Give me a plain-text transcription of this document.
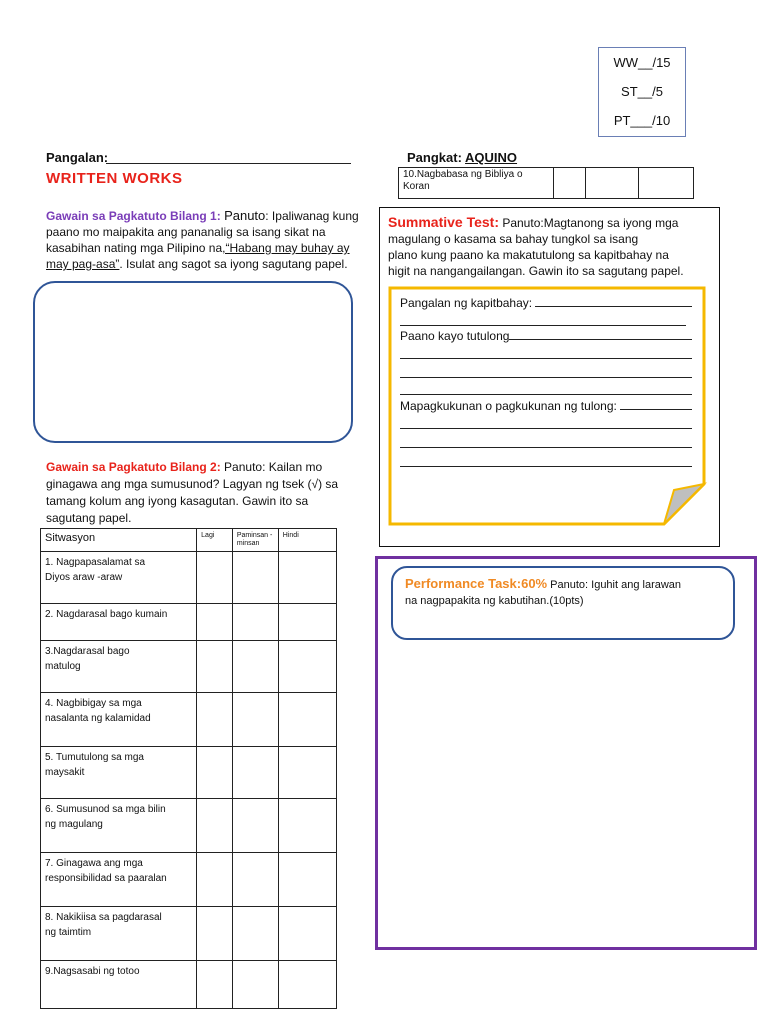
WW__/15
ST__/5
PT___/10
Pangalan:	Pangkat: AQUINO
WRITTEN WORKS	10.Nagbabasa ng Bibliya o
Koran			
Gawain sa Pagkatuto Bilang 1: Panuto: Ipaliwanag kung
paano mo maipakita ang pananalig sa isang sikat na
kasabihan nating mga Pilipino na,“Habang may buhay ay
may pag-asa”. Isulat ang sagot sa iyong sagutang papel.
Gawain sa Pagkatuto Bilang 2: Panuto: Kailan mo
ginagawa ang mga sumusunod? Lagyan ng tsek (√) sa
tamang kolum ang iyong kasagutan. Gawin ito sa
sagutang papel.
Sitwasyon	Lagi	Paminsan -minsan	Hindi
1. Nagpapasalamat sa
Diyos araw -araw			
2. Nagdarasal bago kumain

3.Nagdarasal bago
matulog			
4. Nagbibigay sa mga
nasalanta ng kalamidad			
5. Tumutulong sa mga
maysakit			
6. Sumusunod sa mga bilin
ng magulang			
7. Ginagawa ang mga
responsibilidad sa paaralan			
8. Nakikiisa sa pagdarasal
ng taimtim			
9.Nagsasabi ng totoo

Summative Test: Panuto:Magtanong sa iyong mga
magulang o kasama sa bahay tungkol sa isang
plano kung paano ka makatutulong sa kapitbahay na
higit na nangangailangan. Gawin ito sa sagutang papel.
Pangalan ng kapitbahay:
Paano kayo tutulong
Mapagkukunan o pagkukunan ng tulong:
Performance Task:60% Panuto: Iguhit ang larawan
na nagpapakita ng kabutihan.(10pts)
